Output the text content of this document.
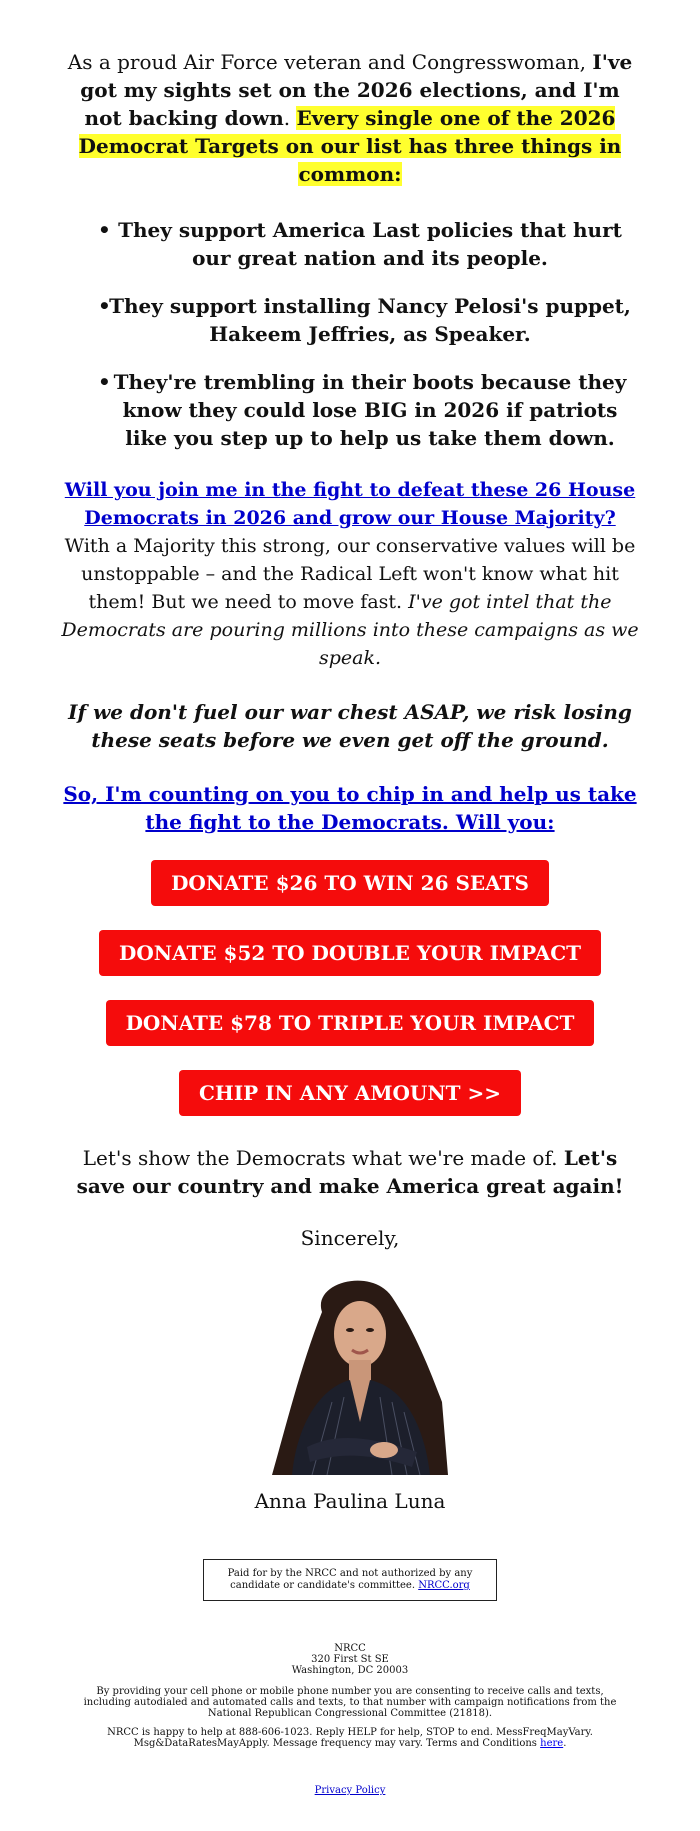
As a proud Air Force veteran and Congresswoman, I've got my sights set on the 2026 elections, and I'm not backing down. Every single one of the 2026 Democrat Targets on our list has three things in common:

• They support America Last policies that hurt our great nation and its people.
•
They support installing Nancy Pelosi's puppet, Hakeem Jeffries, as Speaker.
• They're trembling in their boots because they know they could lose BIG in 2026 if patriots like you step up to help us take them down.

Will you join me in the fight to defeat these 26 House Democrats in 2026 and grow our House Majority? With a Majority this strong, our conservative values will be unstoppable – and the Radical Left won't know what hit them! But we need to move fast. I've got intel that the Democrats are pouring millions into these campaigns as we speak.

If we don't fuel our war chest ASAP, we risk losing these seats before we even get off the ground.

So, I'm counting on you to chip in and help us take the fight to the Democrats. Will you:

DONATE $26 TO WIN 26 SEATS
DONATE $52 TO DOUBLE YOUR IMPACT
DONATE $78 TO TRIPLE YOUR IMPACT
CHIP IN ANY AMOUNT >>

Let's show the Democrats what we're made of. Let's save our country and make America great again!

Sincerely,

Anna Paulina Luna

Paid for by the NRCC and not authorized by any candidate or candidate's committee. NRCC.org
NRCC
320 First St SE
Washington, DC 20003

By providing your cell phone or mobile phone number you are consenting to receive calls and texts, including autodialed and automated calls and texts, to that number with campaign notifications from the National Republican Congressional Committee (21818).

NRCC is happy to help at 888-606-1023. Reply HELP for help, STOP to end. MessFreqMayVary. Msg&DataRatesMayApply. Message frequency may vary. Terms and Conditions here.

Privacy Policy
